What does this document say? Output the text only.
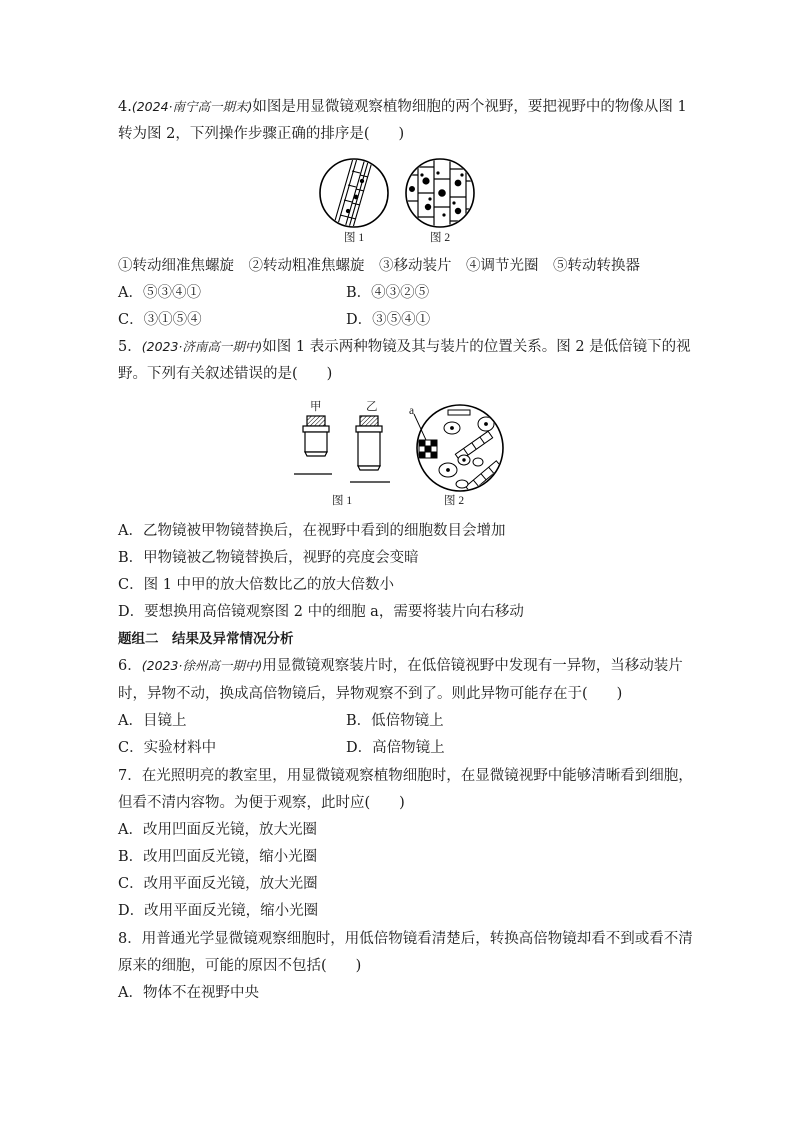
4.(2024·南宁高一期末)如图是用显微镜观察植物细胞的两个视野，要把视野中的物像从图 1
转为图 2，下列操作步骤正确的排序是(　　)
图 1	图 2
①转动细准焦螺旋　②转动粗准焦螺旋　③移动装片　④调节光圈　⑤转动转换器
A．⑤③④①	B．④③②⑤
C．③①⑤④	D．③⑤④①
5．(2023·济南高一期中)如图 1 表示两种物镜及其与装片的位置关系。图 2 是低倍镜下的视
野。下列有关叙述错误的是(　　)
甲	乙	a
图 1	图 2
A．乙物镜被甲物镜替换后，在视野中看到的细胞数目会增加
B．甲物镜被乙物镜替换后，视野的亮度会变暗
C．图 1 中甲的放大倍数比乙的放大倍数小
D．要想换用高倍镜观察图 2 中的细胞 a，需要将装片向右移动
题组二　结果及异常情况分析
6．(2023·徐州高一期中)用显微镜观察装片时，在低倍镜视野中发现有一异物，当移动装片
时，异物不动，换成高倍物镜后，异物观察不到了。则此异物可能存在于(　　)
A．目镜上	B．低倍物镜上
C．实验材料中	D．高倍物镜上
7．在光照明亮的教室里，用显微镜观察植物细胞时，在显微镜视野中能够清晰看到细胞，
但看不清内容物。为便于观察，此时应(　　)
A．改用凹面反光镜，放大光圈
B．改用凹面反光镜，缩小光圈
C．改用平面反光镜，放大光圈
D．改用平面反光镜，缩小光圈
8．用普通光学显微镜观察细胞时，用低倍物镜看清楚后，转换高倍物镜却看不到或看不清
原来的细胞，可能的原因不包括(　　)
A．物体不在视野中央
